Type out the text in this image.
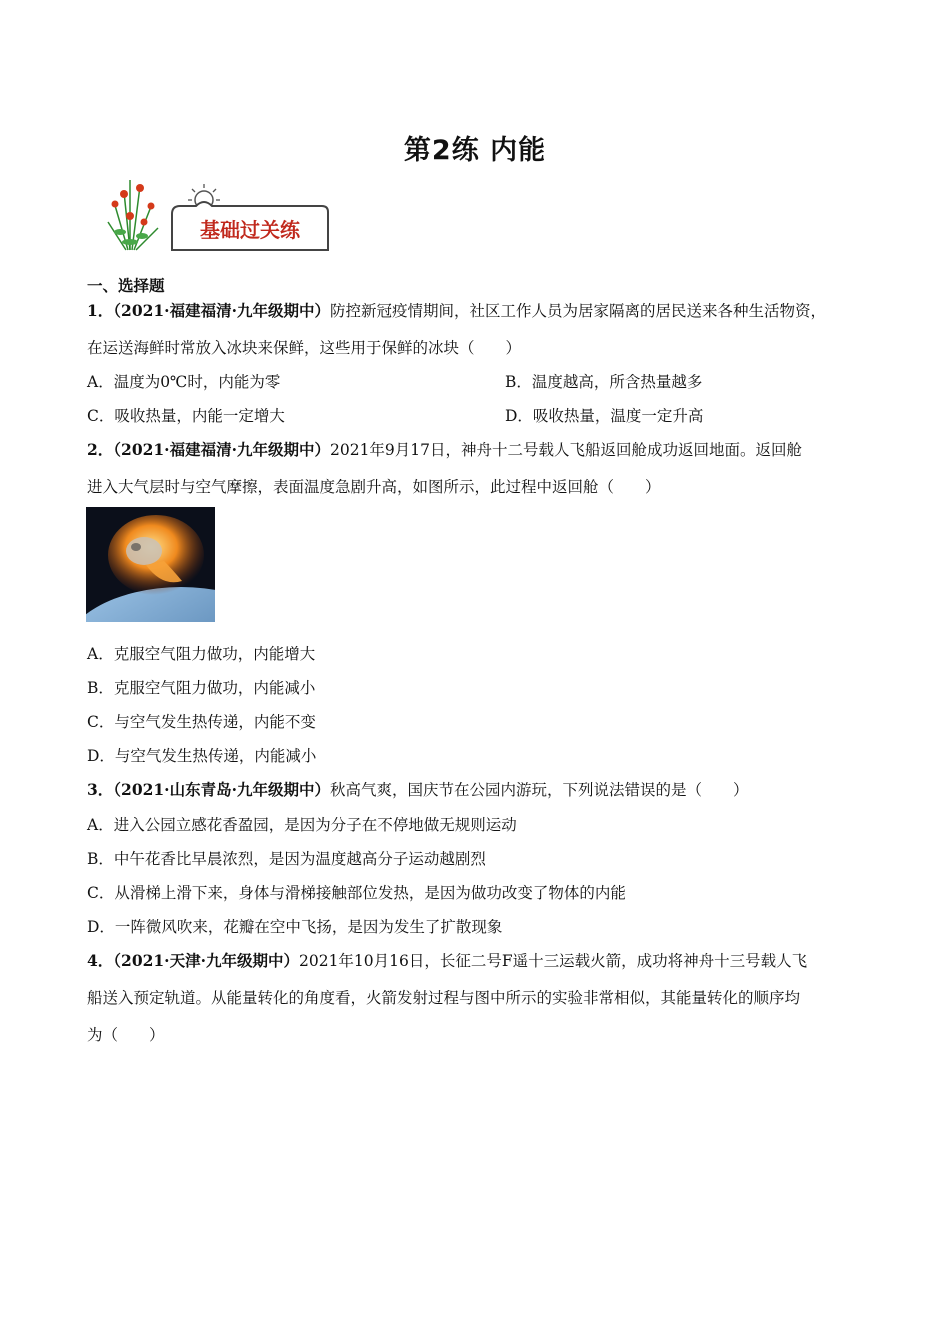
第2练 内能
基础过关练
一、选择题
1．（2021·福建福清·九年级期中）防控新冠疫情期间，社区工作人员为居家隔离的居民送来各种生活物资，
在运送海鲜时常放入冰块来保鲜，这些用于保鲜的冰块（　　）
A．温度为0℃时，内能为零	B．温度越高，所含热量越多
C．吸收热量，内能一定增大	D．吸收热量，温度一定升高
2．（2021·福建福清·九年级期中）2021年9月17日，神舟十二号载人飞船返回舱成功返回地面。返回舱
进入大气层时与空气摩擦，表面温度急剧升高，如图所示，此过程中返回舱（　　）
A．克服空气阻力做功，内能增大
B．克服空气阻力做功，内能减小
C．与空气发生热传递，内能不变
D．与空气发生热传递，内能减小
3．（2021·山东青岛·九年级期中）秋高气爽，国庆节在公园内游玩，下列说法错误的是（　　）
A．进入公园立感花香盈园，是因为分子在不停地做无规则运动
B．中午花香比早晨浓烈，是因为温度越高分子运动越剧烈
C．从滑梯上滑下来，身体与滑梯接触部位发热，是因为做功改变了物体的内能
D．一阵微风吹来，花瓣在空中飞扬，是因为发生了扩散现象
4．（2021·天津·九年级期中）2021年10月16日，长征二号F遥十三运载火箭，成功将神舟十三号载人飞
船送入预定轨道。从能量转化的角度看，火箭发射过程与图中所示的实验非常相似，其能量转化的顺序均
为（　　）
